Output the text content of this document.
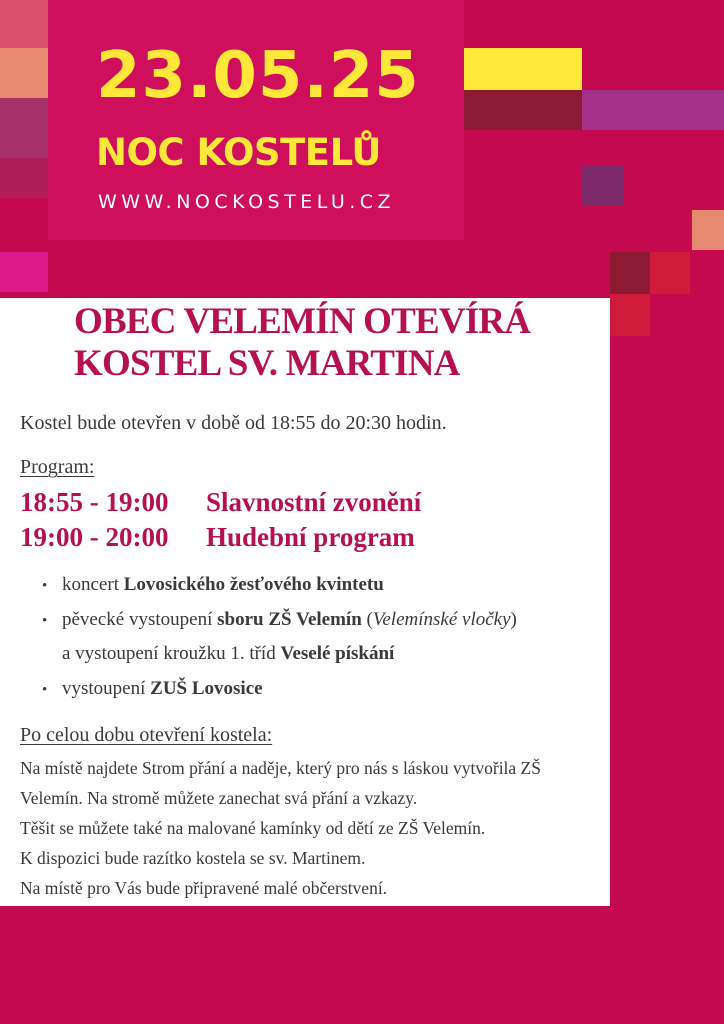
23.05.25
NOC KOSTELŮ
WWW.NOCKOSTELU.CZ
OBEC VELEMÍN OTEVÍRÁ
KOSTEL SV. MARTINA
Kostel bude otevřen v době od 18:55 do 20:30 hodin.
Program:
18:55 - 19:00 Slavnostní zvonění
19:00 - 20:00 Hudební program
• koncert Lovosického žesťového kvintetu
• pěvecké vystoupení sboru ZŠ Velemín (Velemínské vločky)
a vystoupení kroužku 1. tříd Veselé pískání
• vystoupení ZUŠ Lovosice
Po celou dobu otevření kostela:
Na místě najdete Strom přání a naděje, který pro nás s láskou vytvořila ZŠ
Velemín. Na stromě můžete zanechat svá přání a vzkazy.
Těšit se můžete také na malované kamínky od dětí ze ZŠ Velemín.
K dispozici bude razítko kostela se sv. Martinem.
Na místě pro Vás bude připravené malé občerstvení.
